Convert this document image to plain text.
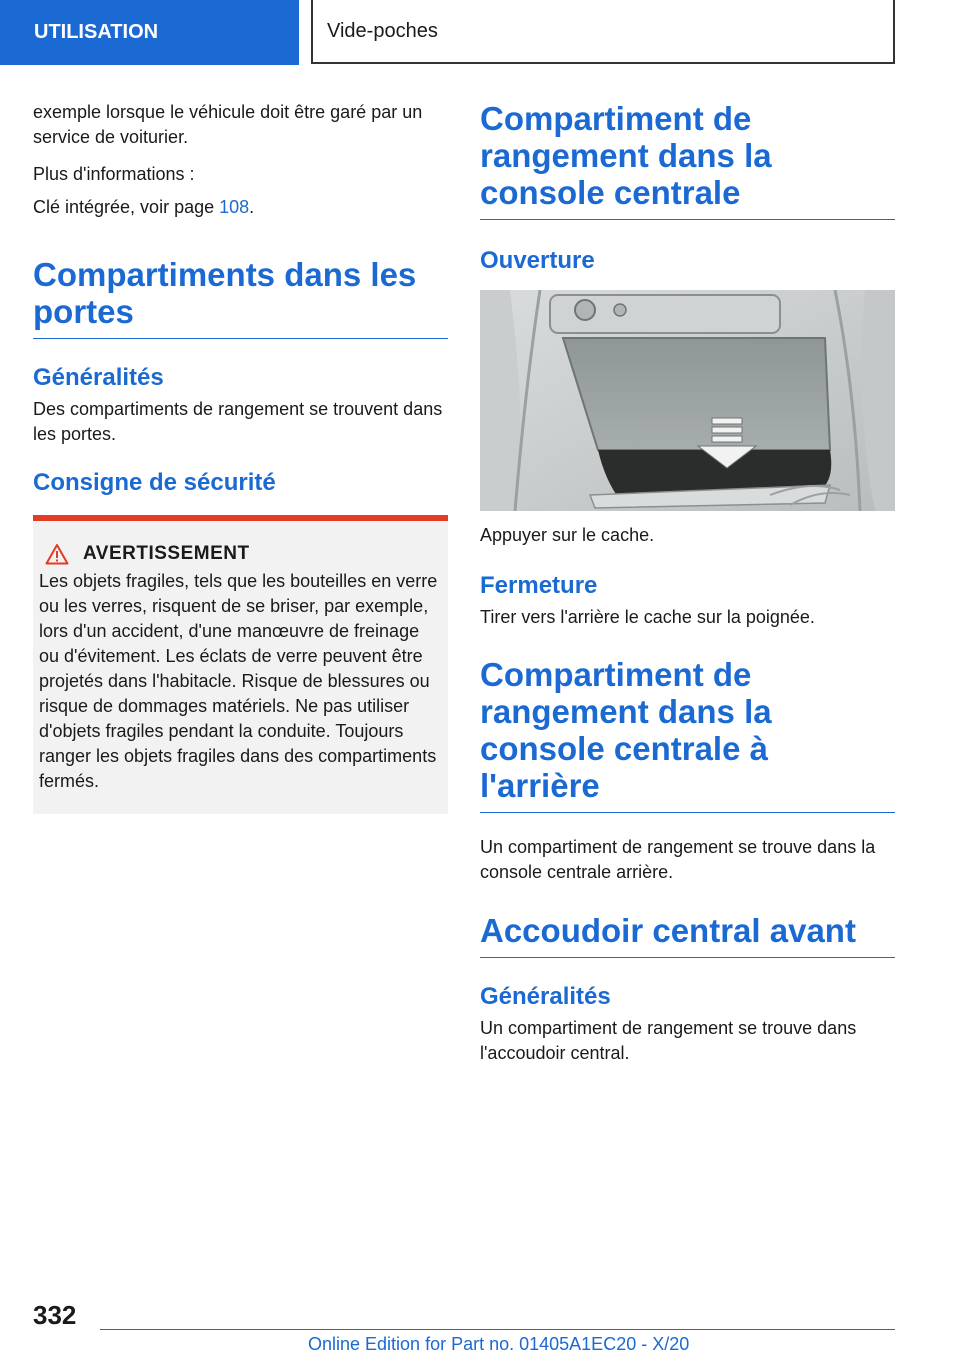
UTILISATION	Vide-poches

exemple lorsque le véhicule doit être garé par un service de voiturier.

Plus d'informations :

Clé intégrée, voir page 108.

Compartiments dans les portes
Généralités

Des compartiments de rangement se trouvent dans les portes.

Consigne de sécurité
AVERTISSEMENT

Les objets fragiles, tels que les bouteilles en verre ou les verres, risquent de se briser, par exemple, lors d'un accident, d'une manœuvre de freinage ou d'évitement. Les éclats de verre peuvent être projetés dans l'habitacle. Risque de blessures ou risque de dommages matériels. Ne pas utiliser d'objets fragiles pendant la conduite. Toujours ranger les objets fragiles dans des compartiments fermés.

Compartiment de rangement dans la console centrale
Ouverture

Appuyer sur le cache.

Fermeture

Tirer vers l'arrière le cache sur la poignée.

Compartiment de rangement dans la console centrale à l'arrière

Un compartiment de rangement se trouve dans la console centrale arrière.

Accoudoir central avant
Généralités

Un compartiment de rangement se trouve dans l'accoudoir central.

332
Online Edition for Part no. 01405A1EC20 - X/20
